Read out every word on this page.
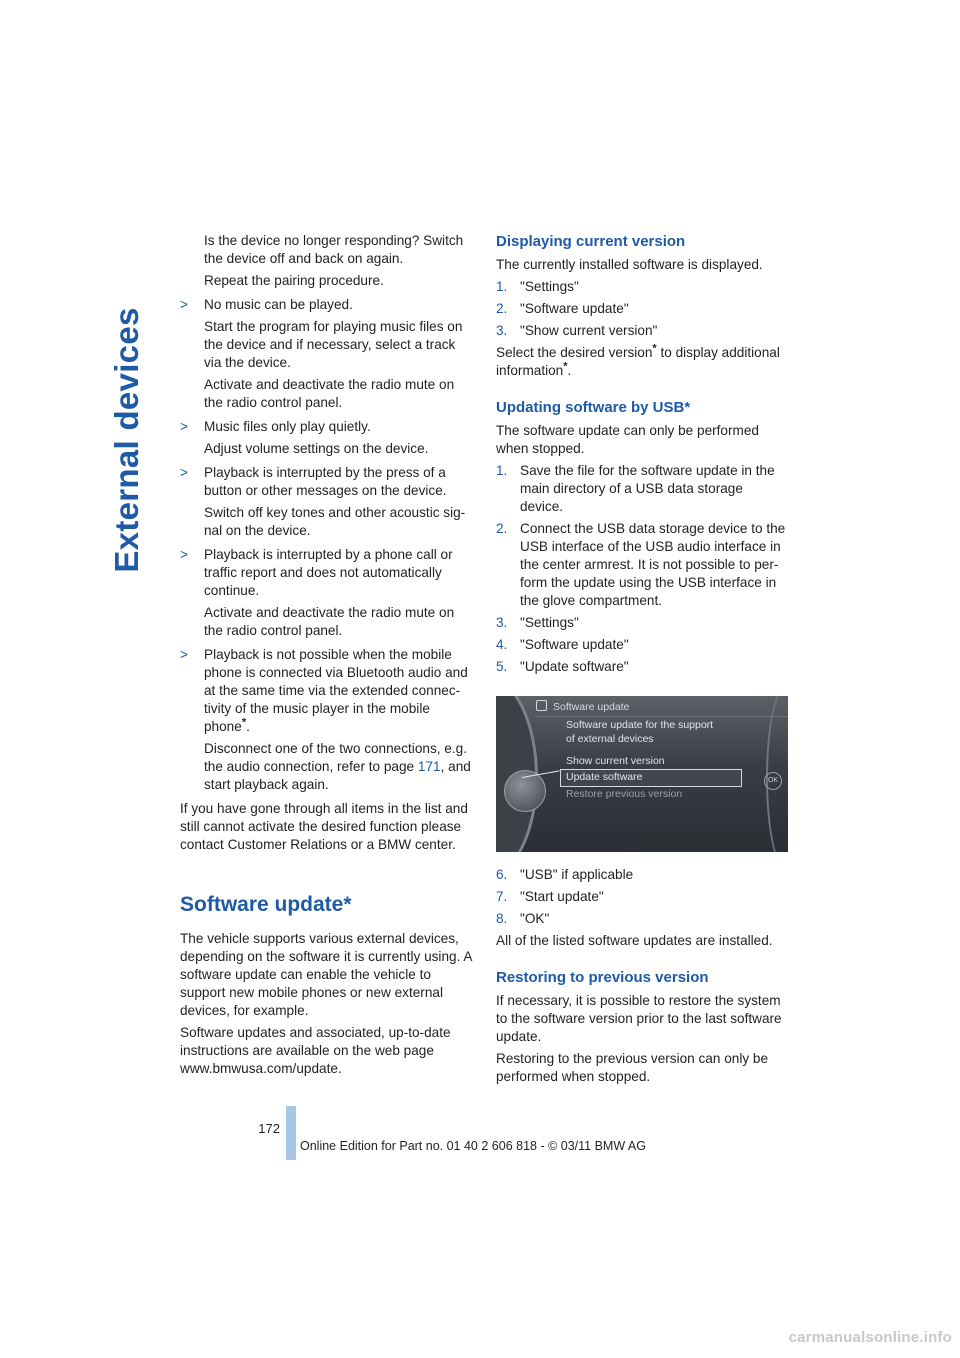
External devices

Is the device no longer responding? Switch the device off and back on again.

Repeat the pairing procedure.

> No music can be played.

Start the program for playing music files on the device and if necessary, select a track via the device.

Activate and deactivate the radio mute on the radio control panel.

> Music files only play quietly.

Adjust volume settings on the device.

> Playback is interrupted by the press of a button or other messages on the device.

Switch off key tones and other acoustic sig-nal on the device.

> Playback is interrupted by a phone call or traffic report and does not automatically continue.

Activate and deactivate the radio mute on the radio control panel.

> Playback is not possible when the mobile phone is connected via Bluetooth audio and at the same time via the extended connec-tivity of the music player in the mobile phone*.

Disconnect one of the two connections, e.g. the audio connection, refer to page 171, and start playback again.

If you have gone through all items in the list and still cannot activate the desired function please contact Customer Relations or a BMW center.

Software update*

The vehicle supports various external devices, depending on the software it is currently using. A software update can enable the vehicle to support new mobile phones or new external devices, for example.

Software updates and associated, up-to-date instructions are available on the web page www.bmwusa.com/update.

Displaying current version

The currently installed software is displayed.

1. "Settings"
2. "Software update"
3. "Show current version"

Select the desired version* to display additional information*.

Updating software by USB*

The software update can only be performed when stopped.

1. Save the file for the software update in the main directory of a USB data storage device.
2. Connect the USB data storage device to the USB interface of the USB audio interface in the center armrest. It is not possible to per-form the update using the USB interface in the glove compartment.
3. "Settings"
4. "Software update"
5. "Update software"
Software update
Software update for the support
of external devices
Show current version
Update software
Restore previous version
OK
6. "USB" if applicable
7. "Start update"
8. "OK"

All of the listed software updates are installed.

Restoring to previous version

If necessary, it is possible to restore the system to the software version prior to the last software update.

Restoring to the previous version can only be performed when stopped.

172
Online Edition for Part no. 01 40 2 606 818 - © 03/11 BMW AG
carmanualsonline.info
